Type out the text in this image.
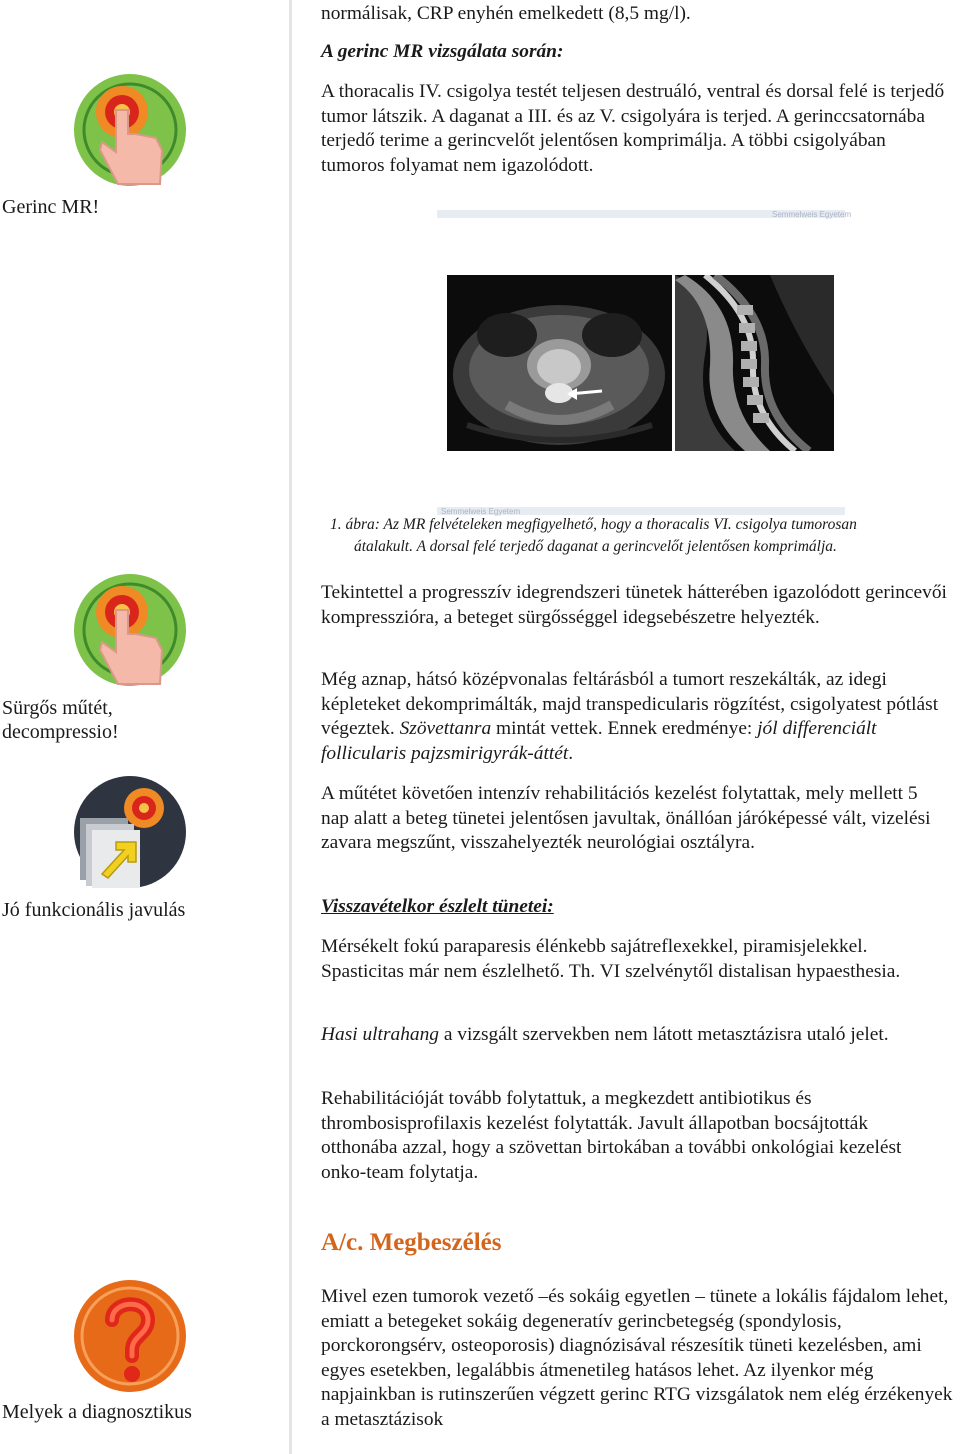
Gerinc MR!
Sürgős műtét,
decompressio!
Jó funkcionális javulás
Melyek a diagnosztikus
normálisak, CRP enyhén emelkedett (8,5 mg/l).
A gerinc MR vizsgálata során:
A thoracalis IV. csigolya testét teljesen destruáló, ventral és dorsal felé is terjedő tumor látszik. A daganat a III. és az V. csigolyára is terjed. A gerinccsatornába terjedő terime a gerincvelőt jelentősen komprimálja. A többi csigolyában tumoros folyamat nem igazolódott.
Semmelweis Egyetem
Semmelweis Egyetem
1. ábra: Az MR felvételeken megfigyelhető, hogy a thoracalis VI. csigolya tumorosan
átalakult. A dorsal felé terjedő daganat a gerincvelőt jelentősen komprimálja.
Tekintettel a progresszív idegrendszeri tünetek hátterében igazolódott gerincevői kompresszióra, a beteget sürgősséggel idegsebészetre helyezték.
Még aznap, hátsó középvonalas feltárásból a tumort reszekálták, az idegi képleteket dekomprimálták, majd transpedicularis rögzítést, csigolyatest pótlást végeztek. Szövettanra mintát vettek. Ennek eredménye: jól differenciált follicularis pajzsmirigyrák-áttét.
A műtétet követően intenzív rehabilitációs kezelést folytattak, mely mellett 5 nap alatt a beteg tünetei jelentősen javultak, önállóan járóképessé vált, vizelési zavara megszűnt, visszahelyezték neurológiai osztályra.
Visszavételkor észlelt tünetei:
Mérsékelt fokú paraparesis élénkebb sajátreflexekkel, piramisjelekkel. Spasticitas már nem észlelhető. Th. VI szelvénytől distalisan hypaesthesia.
Hasi ultrahang a vizsgált szervekben nem látott metasztázisra utaló jelet.
Rehabilitációját tovább folytattuk, a megkezdett antibiotikus és thrombosisprofilaxis kezelést folytatták. Javult állapotban bocsájtották otthonába azzal, hogy a szövettan birtokában a további onkológiai kezelést onko-team folytatja.
A/c. Megbeszélés
Mivel ezen tumorok vezető –és sokáig egyetlen – tünete a lokális fájdalom lehet, emiatt a betegeket sokáig degeneratív gerincbetegség (spondylosis, porckorongsérv, osteoporosis) diagnózisával részesítik tüneti kezelésben, ami egyes esetekben, legalábbis átmenetileg hatásos lehet. Az ilyenkor még napjainkban is rutinszerűen végzett gerinc RTG vizsgálatok nem elég érzékenyek a metasztázisok
